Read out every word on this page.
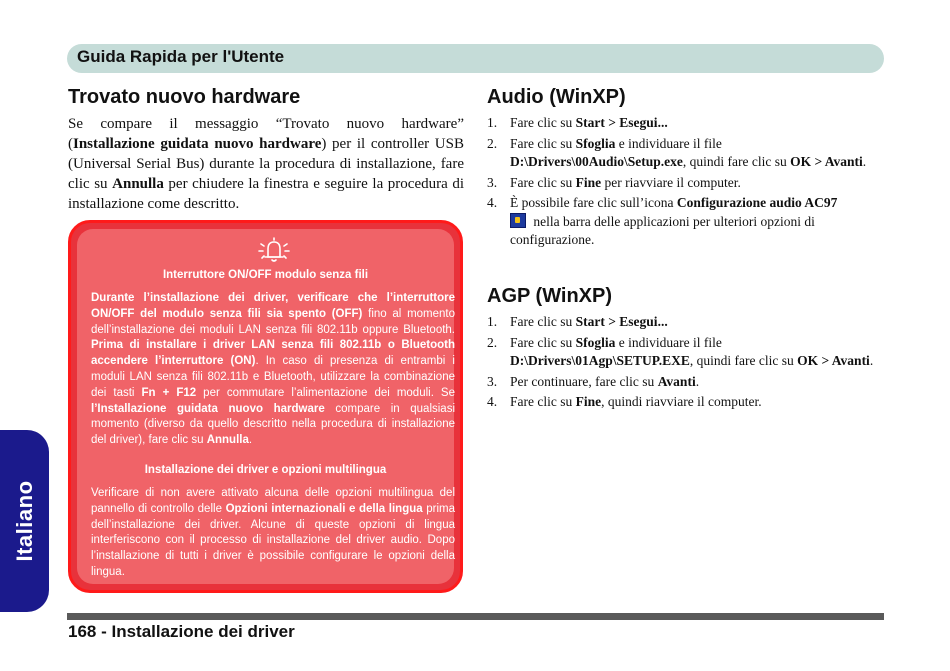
Guida Rapida per l'Utente
Italiano
Trovato nuovo hardware

Se compare il messaggio “Trovato nuovo hardware” (Installazione guidata nuovo hardware) per il controller USB (Universal Serial Bus) durante la procedura di installazione, fare clic su Annulla per chiudere la finestra e seguire la procedura di installazione come descritto.

Interruttore ON/OFF modulo senza fili
Durante l’installazione dei driver, verificare che l’interruttore ON/OFF del modulo senza fili sia spento (OFF) fino al momento dell’installazione dei moduli LAN senza fili 802.11b oppure Bluetooth. Prima di installare i driver LAN senza fili 802.11b o Bluetooth accendere l’interruttore (ON). In caso di presenza di entrambi i moduli LAN senza fili 802.11b e Bluetooth, utilizzare la combinazione dei tasti Fn + F12 per commutare l’alimentazione dei moduli. Se l’Installazione guidata nuovo hardware compare in qualsiasi momento (diverso da quello descritto nella procedura di installazione del driver), fare clic su Annulla.
Installazione dei driver e opzioni multilingua
Verificare di non avere attivato alcuna delle opzioni multilingua del pannello di controllo delle Opzioni internazionali e della lingua prima dell’installazione dei driver. Alcune di queste opzioni di lingua interferiscono con il processo di installazione del driver audio. Dopo l’installazione di tutti i driver è possibile configurare le opzioni della lingua.
Audio (WinXP)
1. Fare clic su Start > Esegui...
2. Fare clic su Sfoglia e individuare il file
D:\Drivers\00Audio\Setup.exe, quindi fare clic su OK > Avanti.
3. Fare clic su Fine per riavviare il computer.
4. È possibile fare clic sull’icona Configurazione audio AC97
nella barra delle applicazioni per ulteriori opzioni di configurazione.
AGP (WinXP)
1. Fare clic su Start > Esegui...
2. Fare clic su Sfoglia e individuare il file
D:\Drivers\01Agp\SETUP.EXE, quindi fare clic su OK > Avanti.
3. Per continuare, fare clic su Avanti.
4. Fare clic su Fine, quindi riavviare il computer.
168 - Installazione dei driver
